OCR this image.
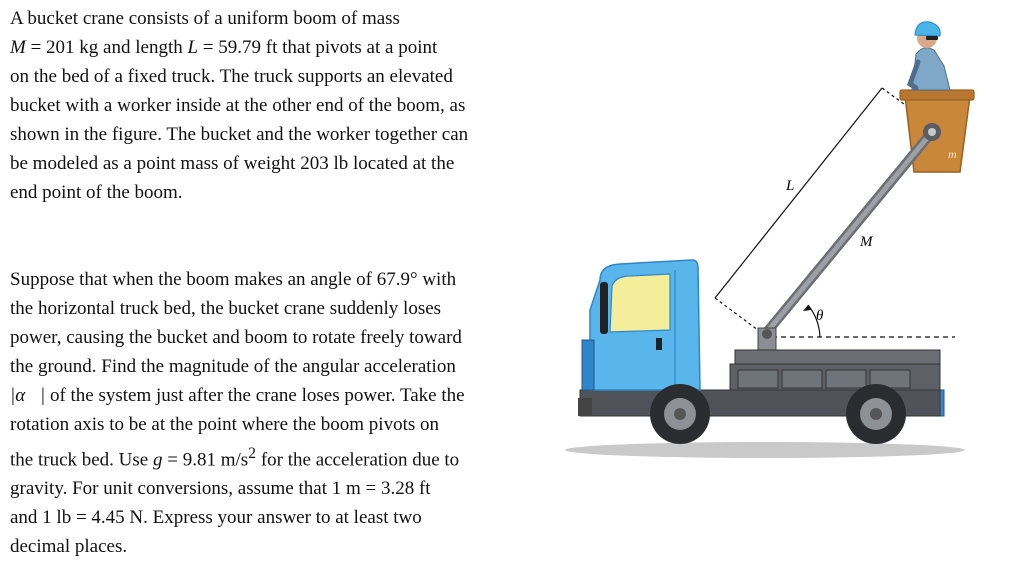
A bucket crane consists of a uniform boom of mass
M = 201 kg and length L = 59.79 ft that pivots at a point
on the bed of a fixed truck. The truck supports an elevated
bucket with a worker inside at the other end of the boom, as
shown in the figure. The bucket and the worker together can
be modeled as a point mass of weight 203 lb located at the
end point of the boom.

Suppose that when the boom makes an angle of 67.9° with
the horizontal truck bed, the bucket crane suddenly loses
power, causing the bucket and boom to rotate freely toward
the ground. Find the magnitude of the angular acceleration
|α⃗| of the system just after the crane loses power. Take the
rotation axis to be at the point where the boom pivots on
the truck bed. Use g = 9.81 $m/s^2$ for the acceleration due to
gravity. For unit conversions, assume that 1 m = 3.28 ft
and 1 lb = 4.45 N. Express your answer to at least two
decimal places.

L
θ
m
M
